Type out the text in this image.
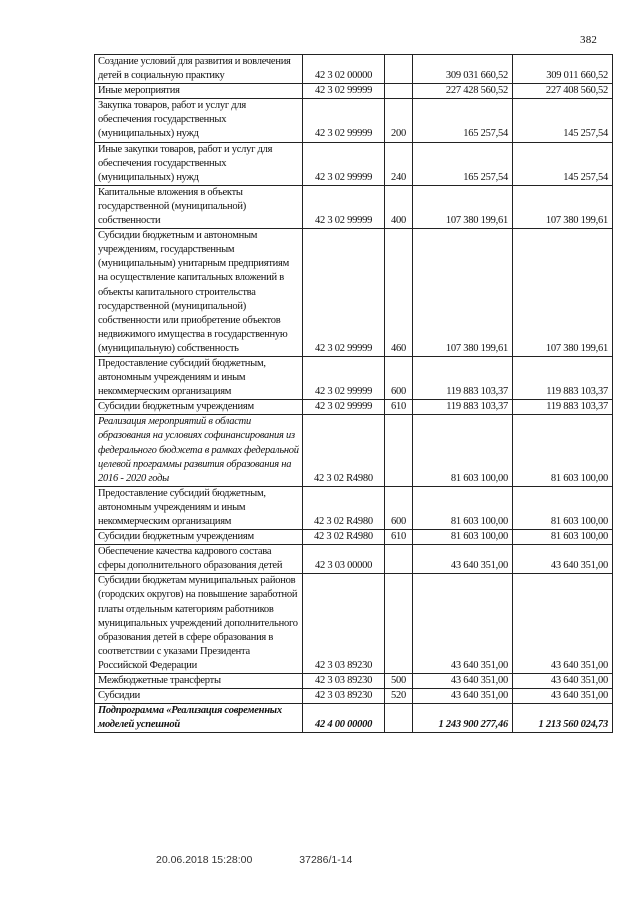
382
Создание условий для развития и вовлечения детей в социальную практику	42 3 02 00000		309 031 660,52	309 011 660,52
Иные мероприятия	42 3 02 99999		227 428 560,52	227 408 560,52
Закупка товаров, работ и услуг для обеспечения государственных (муниципальных) нужд	42 3 02 99999	200	165 257,54	145 257,54
Иные закупки товаров, работ и услуг для обеспечения государственных (муниципальных) нужд	42 3 02 99999	240	165 257,54	145 257,54
Капитальные вложения в объекты государственной (муниципальной) собственности	42 3 02 99999	400	107 380 199,61	107 380 199,61
Субсидии бюджетным и автономным учреждениям, государственным (муниципальным) унитарным предприятиям на осуществление капитальных вложений в объекты капитального строительства государственной (муниципальной) собственности или приобретение объектов недвижимого имущества в государственную (муниципальную) собственность	42 3 02 99999	460	107 380 199,61	107 380 199,61
Предоставление субсидий бюджетным, автономным учреждениям и иным некоммерческим организациям	42 3 02 99999	600	119 883 103,37	119 883 103,37
Субсидии бюджетным учреждениям	42 3 02 99999	610	119 883 103,37	119 883 103,37
Реализация мероприятий в области образования на условиях софинансирования из федерального бюджета в рамках федеральной целевой программы развития образования на 2016 - 2020 годы	42 3 02 R4980		81 603 100,00	81 603 100,00
Предоставление субсидий бюджетным, автономным учреждениям и иным некоммерческим организациям	42 3 02 R4980	600	81 603 100,00	81 603 100,00
Субсидии бюджетным учреждениям	42 3 02 R4980	610	81 603 100,00	81 603 100,00
Обеспечение качества кадрового состава сферы дополнительного образования детей	42 3 03 00000		43 640 351,00	43 640 351,00
Субсидии бюджетам муниципальных районов (городских округов) на повышение заработной платы отдельным категориям работников муниципальных учреждений дополнительного образования детей в сфере образования в соответствии с указами Президента Российской Федерации	42 3 03 89230		43 640 351,00	43 640 351,00
Межбюджетные трансферты	42 3 03 89230	500	43 640 351,00	43 640 351,00
Субсидии	42 3 03 89230	520	43 640 351,00	43 640 351,00
Подпрограмма «Реализация современных моделей успешной	42 4 00 00000		1 243 900 277,46	1 213 560 024,73
20.06.2018 15:28:00	37286/1-14
